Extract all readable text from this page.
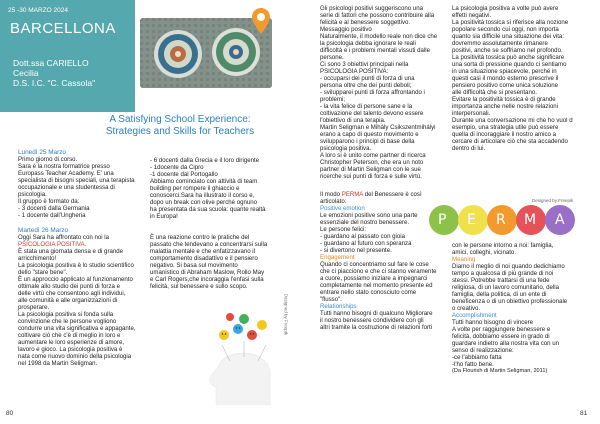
25 -30 MARZO 2024
BARCELLONA
Dott.ssa CARIELLO
Cecilia
D.S. I.C. "C. Cassola"
A Satisfying School Experience:
Strategies and Skills for Teachers

Lunedì 25 Marzo

Primo giorno di corso.

Sara è la nostra formatrice presso

Europass Teacher Academy. E' una

specialista di bisogni speciali, una terapista

occupazionale e una studentessa di

psicologia.

Il gruppo è formato da:

- 3 docenti dalla Germania

- 1 docente dall'Ungheria

Martedì 26 Marzo

Oggi Sara ha affrontato con noi la

PSICOLOGIA POSITIVA.

È stata una giornata densa e di grande

arricchimento!

La psicologia positiva è lo studio scientifico

dello "stare bene".

È un approccio applicato al funzionamento

ottimale allo studio dei punti di forza e

delle virtù che consentono agli individui,

alle comunità e alle organizzazioni di

prosperare.

La psicologia positiva si fonda sulla

convinzione che le persone vogliono

condurre una vita significativa e appagante,

coltivare ciò che c'è di meglio in loro e

aumentare le loro esperienze di amore,

lavoro e gioco. La psicologia positiva è

nata come nuovo dominio della psicologia

nel 1998 da Martin Seligman.

- 6 docenti dalla Grecia e il loro dirigente

- 1docente da Cipro

-1 docente dal Portogallo

Abbiamo cominciato con attività di team

building per rompere il ghiaccio e

conoscerci.Sara ha illustrato il corso e,

dopo un break con olive perché ognuno

ha presentata da sua scuola: quante realtà

in Europa!

È una reazione contro le pratiche del

passato che tendevano a concentrarsi sulla

malattia mentale e che enfatizzavano il

comportamento disadattivo e il pensiero

negativo. Si basa sul movimento

umanistico di Abraham Maslow, Rollo May

e Carl Rogers,che incoraggia l'enfasi sulla

felicità, sul benessere e sullo scopo.

Designed by Freepik
80

Gli psicologi positivi suggeriscono una

serie di fattori che possono contribuire alla

felicità e al benessere soggettivo.

Messaggio positivo

Naturalmente, il modello reale non dice che

la psicologia debba ignorare le reali

difficoltà e i problemi mentali vissuti dalle

persone.

Ci sono 3 obiettivi principali nella

PSICOLOGIA POSITIVA:

- occuparsi dei punti di forza di una

persona oltre che dei punti deboli;

- svilupparei punti di forza affrontando i

problemi;

- la vita felice di persone sane e la

coltivazione del talento devono essere

l'obiettivo di una terapia.

Martin Seligman e Mihály Csikszentmihályi

erano a capo di questo movimento e

svilupparono i principi di base della

psicologia positiva.

A loro si è unito come partner di ricerca

Christopher Peterson, che era un noto

partner di Martin Seligman con le sue

ricerche sui punti di forza e sulle virtù.

Il modo PERMA del Benessere è così

articolato:

Positive emotion

Le emozioni positive sono una parte

essenziale del nostro benessere.

Le persone felici:

- guardano al passato con gioia

- guardano al futuro con speranza

- si divertono nel presente.

Engagement

Quando ci concentriamo sul fare le cose

che ci piacciono e che ci stanno veramente

a cuore, possiamo iniziare a impegnarci

completamente nel momento presente ed

entrare nello stato conosciuto come

"flusso".

Relationships

Tutti hanno bisogni di qualcuno Migliorare

il nostro benessere condividere con gli

altri tramite la costruzione di relazioni forti

La psicologia positiva a volte può avere

effetti negativi.

La positività tossica si riferisce alla nozione

popolare secondo cui oggi, non importa

quanto sia difficile una situazione dei vita:

dovremmo assolutamente rimanere

positivi, anche se soffriamo nel profondo.

La positività tossica può anche significare

una sorta di pressione quando ci sentiamo

in una situazione spiacevole, perché in

questi casi il mondo esterno prescrive il

pensiero positivo come unica soluzione

alle difficoltà che si presentano.

Evitare la positività tossica è di grande

importanza anche nelle nostre relazioni

interpersonali.

Durante una conversazione mi che ho vuol d

esempio, una strategia utile può essere

quella di incoraggiare il nostro amico a

cercare di articolare ciò che sta accadendo

dentro di lui.

con le persone intorno a noi: famiglia,

amici, colleghi, vicinato.

Meaning

Diamo il meglio di noi quando dedichiamo

tempo a qualcosa di più grande di noi

stessi. Potrebbe trattarsi di una fede

religiosa, di un lavoro comunitario, della

famiglia, della politica, di un ente di

beneficenza o di un obiettivo professionale

o creativo.

Accomplishment

Tutti hanno bisogno di vincere

A volte per raggiungere benessere e

felicità, dobbiamo essere in grado di

guardare indietro alla nostra vita con un

senso di realizzazione:

-ce l'abbiamo fatta

-l'ho fatto bene.

(Da Flourish di Martin Seligman, 2011)

81
Designed by Freepik
P E R M A
